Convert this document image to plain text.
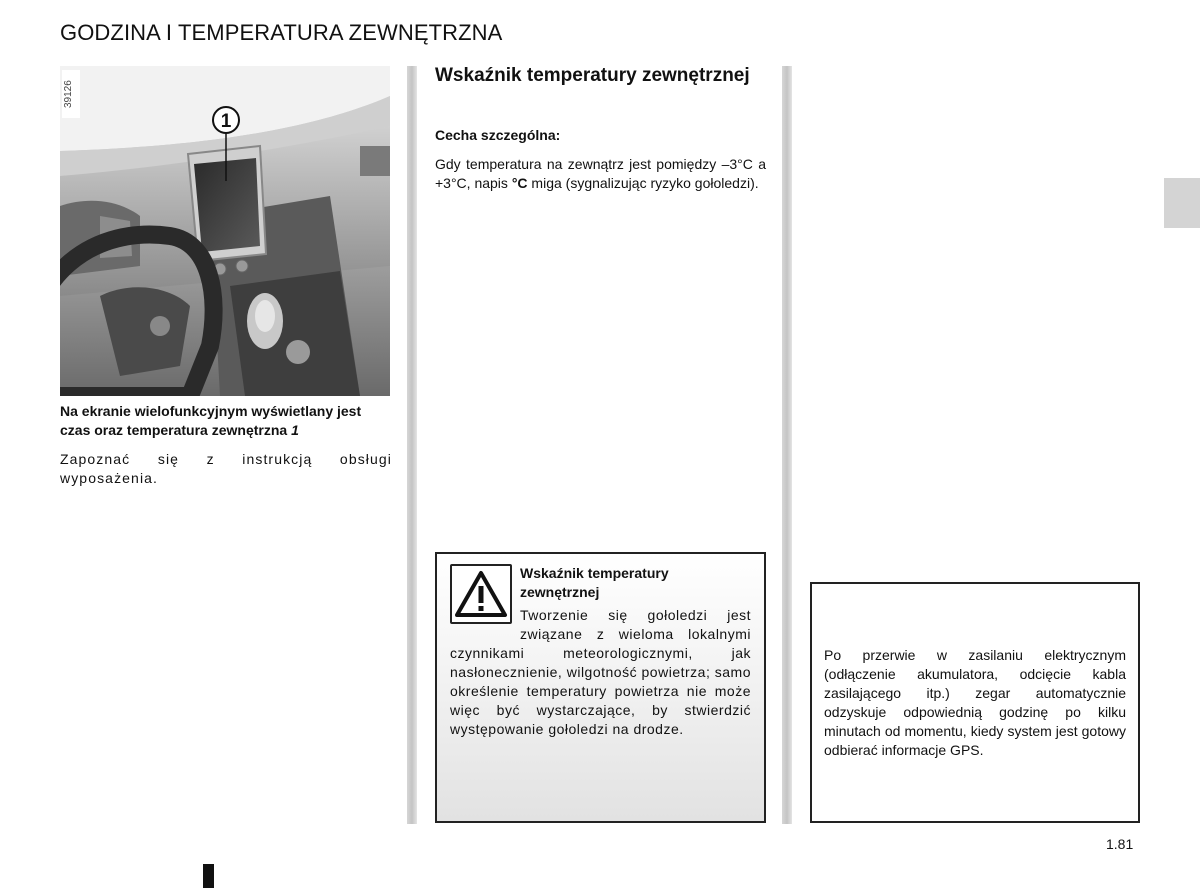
GODZINA I TEMPERATURA ZEWNĘTRZNA
1
39126

Na ekranie wielofunkcyjnym wyświetlany jest czas oraz temperatura zewnętrzna 1

Zapoznać się z instrukcją obsługi wyposażenia.

Wskaźnik temperatury zewnętrznej

Cecha szczególna:

Gdy temperatura na zewnątrz jest pomiędzy –3°C a +3°C, napis °C miga (sygnalizując ryzyko gołoledzi).

Wskaźnik temperatury zewnętrznej
Tworzenie się gołoledzi jest związane z wieloma lokalnymi czynnikami meteorologicznymi, jak nasłonecznienie, wilgotność powietrza; samo określenie temperatury powietrza nie może więc być wystarczające, by stwierdzić występowanie gołoledzi na drodze.

Po przerwie w zasilaniu elektrycznym (odłączenie akumulatora, odcięcie kabla zasilającego itp.) zegar automatycznie odzyskuje odpowiednią godzinę po kilku minutach od momentu, kiedy system jest gotowy odbierać informacje GPS.

1.81
